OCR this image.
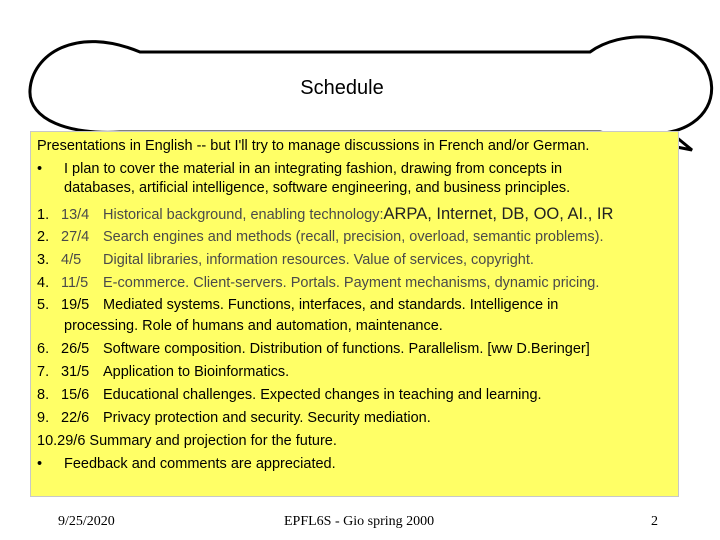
Schedule
Presentations in English -- but I'll try to manage discussions in French and/or German.
• I plan to cover the material in an integrating fashion, drawing from concepts in
databases, artificial intelligence, software engineering, and business principles.
1. 13/4 Historical background, enabling technology:ARPA, Internet, DB, OO, AI., IR
2. 27/4 Search engines and methods (recall, precision, overload, semantic problems).
3.4/5 Digital libraries, information resources. Value of services, copyright.
4. 11/5 E-commerce. Client-servers. Portals. Payment mechanisms, dynamic pricing.
5. 19/5 Mediated systems. Functions, interfaces, and standards. Intelligence in
processing. Role of humans and automation, maintenance.
6. 26/5 Software composition. Distribution of functions. Parallelism. [ww D.Beringer]
7. 31/5 Application to Bioinformatics.
8. 15/6 Educational challenges. Expected changes in teaching and learning.
9. 22/6 Privacy protection and security. Security mediation.
10.29/6 Summary and projection for the future.
• Feedback and comments are appreciated.
9/25/2020	EPFL6S - Gio spring 2000	2
